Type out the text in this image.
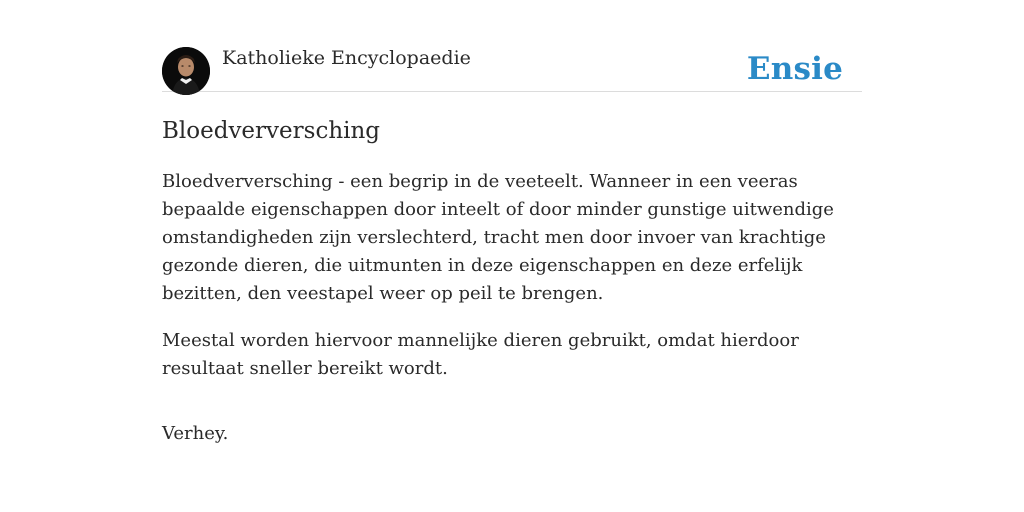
Katholieke Encyclopaedie	Ensie
Bloedverversching

Bloedverversching - een begrip in de veeteelt. Wanneer in een veeras bepaalde eigenschappen door inteelt of door minder gunstige uitwendige omstandigheden zijn verslechterd, tracht men door invoer van krachtige gezonde dieren, die uitmunten in deze eigenschappen en deze erfelijk bezitten, den veestapel weer op peil te brengen.

Meestal worden hiervoor mannelijke dieren gebruikt, omdat hierdoor resultaat sneller bereikt wordt.

Verhey.
